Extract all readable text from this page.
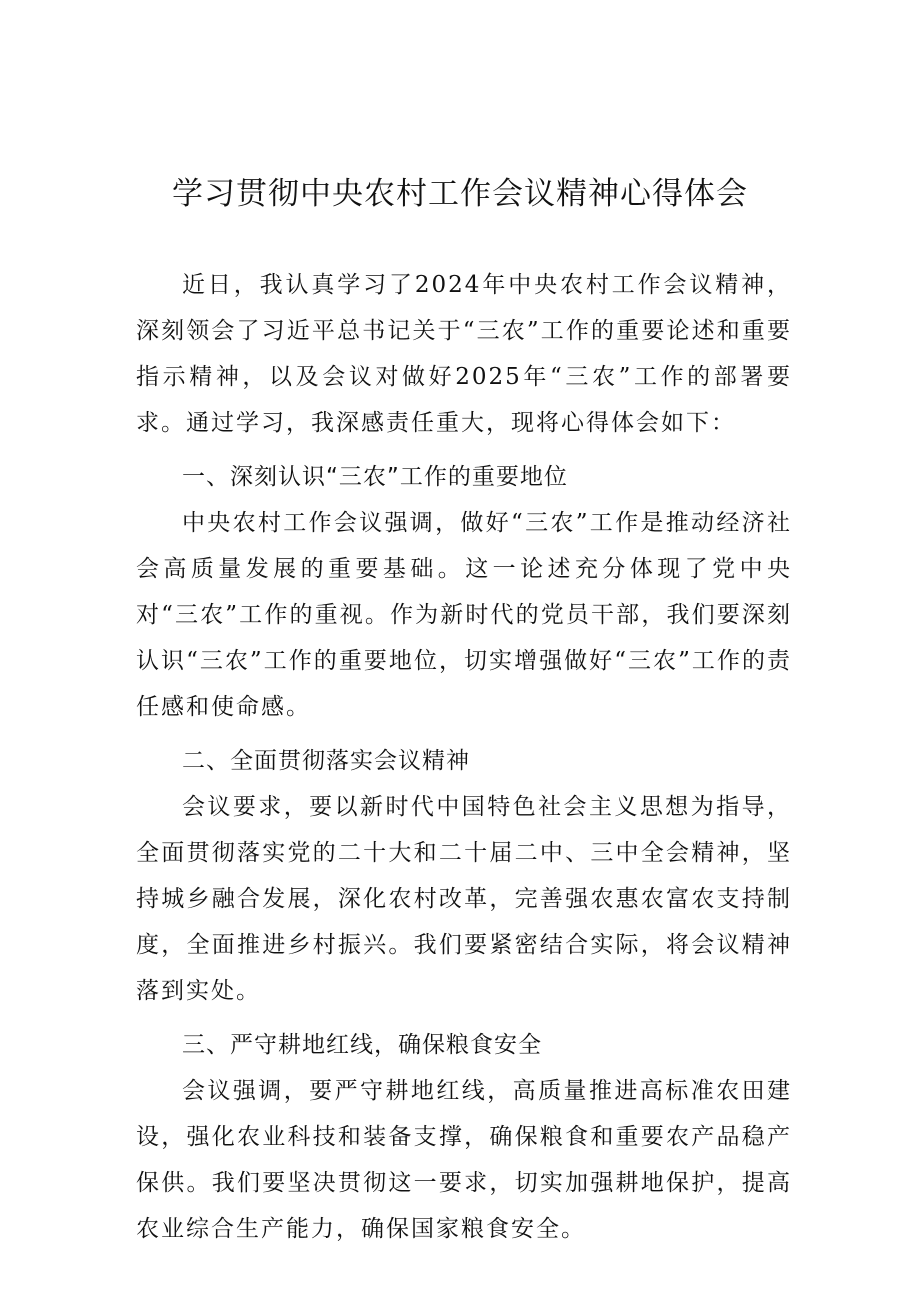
学习贯彻中央农村工作会议精神心得体会

近日，我认真学习了2024年中央农村工作会议精神，深刻领会了习近平总书记关于“三农”工作的重要论述和重要指示精神，以及会议对做好2025年“三农”工作的部署要求。通过学习，我深感责任重大，现将心得体会如下：

一、深刻认识“三农”工作的重要地位

中央农村工作会议强调，做好“三农”工作是推动经济社会高质量发展的重要基础。这一论述充分体现了党中央对“三农”工作的重视。作为新时代的党员干部，我们要深刻认识“三农”工作的重要地位，切实增强做好“三农”工作的责任感和使命感。

二、全面贯彻落实会议精神

会议要求，要以新时代中国特色社会主义思想为指导，全面贯彻落实党的二十大和二十届二中、三中全会精神，坚持城乡融合发展，深化农村改革，完善强农惠农富农支持制度，全面推进乡村振兴。我们要紧密结合实际，将会议精神落到实处。

三、严守耕地红线，确保粮食安全

会议强调，要严守耕地红线，高质量推进高标准农田建设，强化农业科技和装备支撑，确保粮食和重要农产品稳产保供。我们要坚决贯彻这一要求，切实加强耕地保护，提高农业综合生产能力，确保国家粮食安全。
